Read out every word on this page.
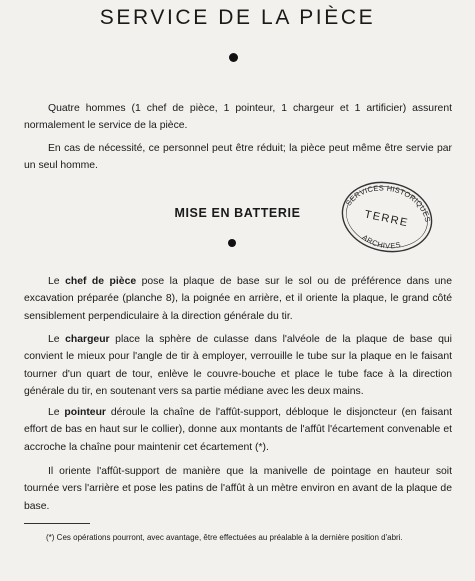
SERVICE DE LA PIÈCE

Quatre hommes (1 chef de pièce, 1 pointeur, 1 chargeur et 1 artificier) assurent normalement le service de la pièce.

En cas de nécessité, ce personnel peut être réduit; la pièce peut même être servie par un seul homme.

MISE EN BATTERIE
SERVICES HISTORIQUES
TERRE
ARCHIVES

Le chef de pièce pose la plaque de base sur le sol ou de préférence dans une excavation préparée (planche 8), la poignée en arrière, et il oriente la plaque, le grand côté sensiblement perpendiculaire à la direction générale du tir.

Le chargeur place la sphère de culasse dans l'alvéole de la plaque de base qui convient le mieux pour l'angle de tir à employer, verrouille le tube sur la plaque en le faisant tourner d'un quart de tour, enlève le couvre-bouche et place le tube face à la direction générale du tir, en soutenant vers sa partie médiane avec les deux mains.

Le pointeur déroule la chaîne de l'affût-support, débloque le disjoncteur (en faisant effort de bas en haut sur le collier), donne aux montants de l'affût l'écartement convenable et accroche la chaîne pour maintenir cet écartement (*).

Il oriente l'affût-support de manière que la manivelle de pointage en hauteur soit tournée vers l'arrière et pose les patins de l'affût à un mètre environ en avant de la plaque de base.

(*) Ces opérations pourront, avec avantage, être effectuées au préalable à la dernière position d'abri.
